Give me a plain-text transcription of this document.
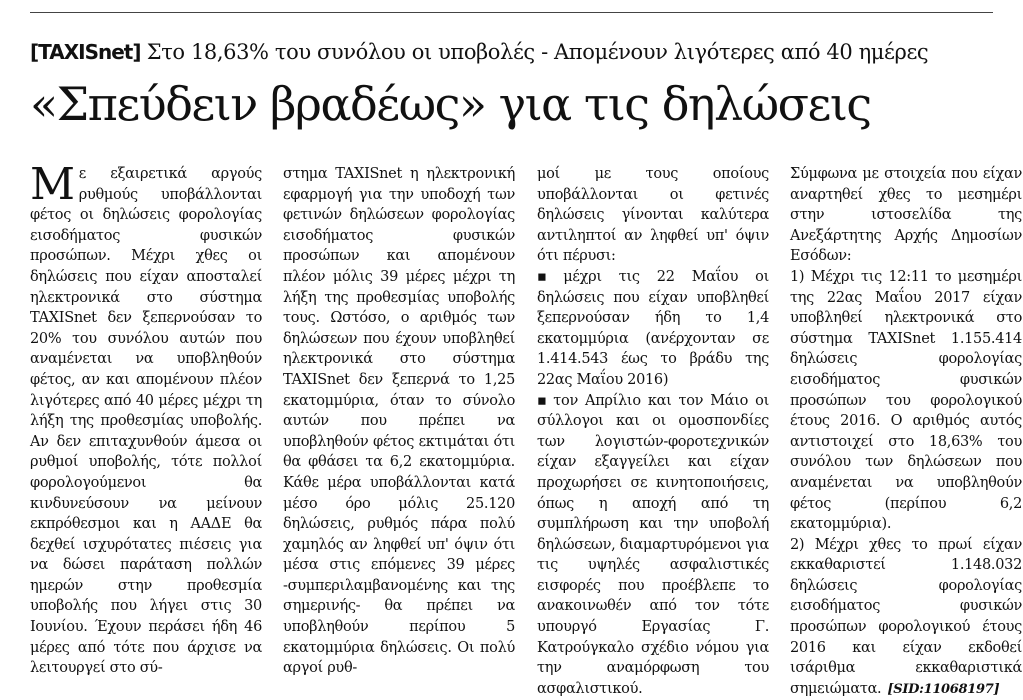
[TAXISnet] Στο 18,63% του συνόλου οι υποβολές - Απομένουν λιγότερες από 40 ημέρες
«Σπεύδειν βραδέως» για τις δηλώσεις

Με εξαιρετικά αργούς ρυθμούς υποβάλλονται φέτος οι δηλώσεις φορολογίας εισοδήματος φυσικών προσώπων. Μέχρι χθες οι δηλώσεις που είχαν αποσταλεί ηλεκτρονικά στο σύστημα TAXISnet δεν ξεπερνούσαν το 20% του συνόλου αυτών που αναμένεται να υποβληθούν φέτος, αν και απομένουν πλέον λιγότερες από 40 μέρες μέχρι τη λήξη της προθεσμίας υποβολής. Αν δεν επιταχυνθούν άμεσα οι ρυθμοί υποβολής, τότε πολλοί φορολογούμενοι θα κινδυνεύσουν να μείνουν εκπρόθεσμοι και η ΑΑΔΕ θα δεχθεί ισχυρότατες πιέσεις για να δώσει παράταση πολλών ημερών στην προθεσμία υποβολής που λήγει στις 30 Ιουνίου. Έχουν περάσει ήδη 46 μέρες από τότε που άρχισε να λειτουργεί στο σύ-

στημα TAXISnet η ηλεκτρονική εφαρμογή για την υποδοχή των φετινών δηλώσεων φορολογίας εισοδήματος φυσικών προσώπων και απομένουν πλέον μόλις 39 μέρες μέχρι τη λήξη της προθεσμίας υποβολής τους. Ωστόσο, ο αριθμός των δηλώσεων που έχουν υποβληθεί ηλεκτρονικά στο σύστημα TAXISnet δεν ξεπερνά το 1,25 εκατομμύρια, όταν το σύνολο αυτών που πρέπει να υποβληθούν φέτος εκτιμάται ότι θα φθάσει τα 6,2 εκατομμύρια. Κάθε μέρα υποβάλλονται κατά μέσο όρο μόλις 25.120 δηλώσεις, ρυθμός πάρα πολύ χαμηλός αν ληφθεί υπ' όψιν ότι μέσα στις επόμενες 39 μέρες -συμπεριλαμβανομένης και της σημερινής- θα πρέπει να υποβληθούν περίπου 5 εκατομμύρια δηλώσεις. Οι πολύ αργοί ρυθ-

μοί με τους οποίους υποβάλλονται οι φετινές δηλώσεις γίνονται καλύτερα αντιληπτοί αν ληφθεί υπ' όψιν ότι πέρυσι:

▪ μέχρι τις 22 Μαΐου οι δηλώσεις που είχαν υποβληθεί ξεπερνούσαν ήδη το 1,4 εκατομμύρια (ανέρχονταν σε 1.414.543 έως το βράδυ της 22ας Μαΐου 2016)

▪ τον Απρίλιο και τον Μάιο οι σύλλογοι και οι ομοσπονδίες των λογιστών-φοροτεχνικών είχαν εξαγγείλει και είχαν προχωρήσει σε κινητοποιήσεις, όπως η αποχή από τη συμπλήρωση και την υποβολή δηλώσεων, διαμαρτυρόμενοι για τις υψηλές ασφαλιστικές εισφορές που προέβλεπε το ανακοινωθέν από τον τότε υπουργό Εργασίας Γ. Κατρούγκαλο σχέδιο νόμου για την αναμόρφωση του ασφαλιστικού.

Σύμφωνα με στοιχεία που είχαν αναρτηθεί χθες το μεσημέρι στην ιστοσελίδα της Ανεξάρτητης Αρχής Δημοσίων Εσόδων:

1) Μέχρι τις 12:11 το μεσημέρι της 22ας Μαΐου 2017 είχαν υποβληθεί ηλεκτρονικά στο σύστημα TAXISnet 1.155.414 δηλώσεις φορολογίας εισοδήματος φυσικών προσώπων του φορολογικού έτους 2016. Ο αριθμός αυτός αντιστοιχεί στο 18,63% του συνόλου των δηλώσεων που αναμένεται να υποβληθούν φέτος (περίπου 6,2 εκατομμύρια).

2) Μέχρι χθες το πρωί είχαν εκκαθαριστεί 1.148.032 δηλώσεις φορολογίας εισοδήματος φυσικών προσώπων φορολογικού έτους 2016 και είχαν εκδοθεί ισάριθμα εκκαθαριστικά σημειώματα. [SID:11068197]
